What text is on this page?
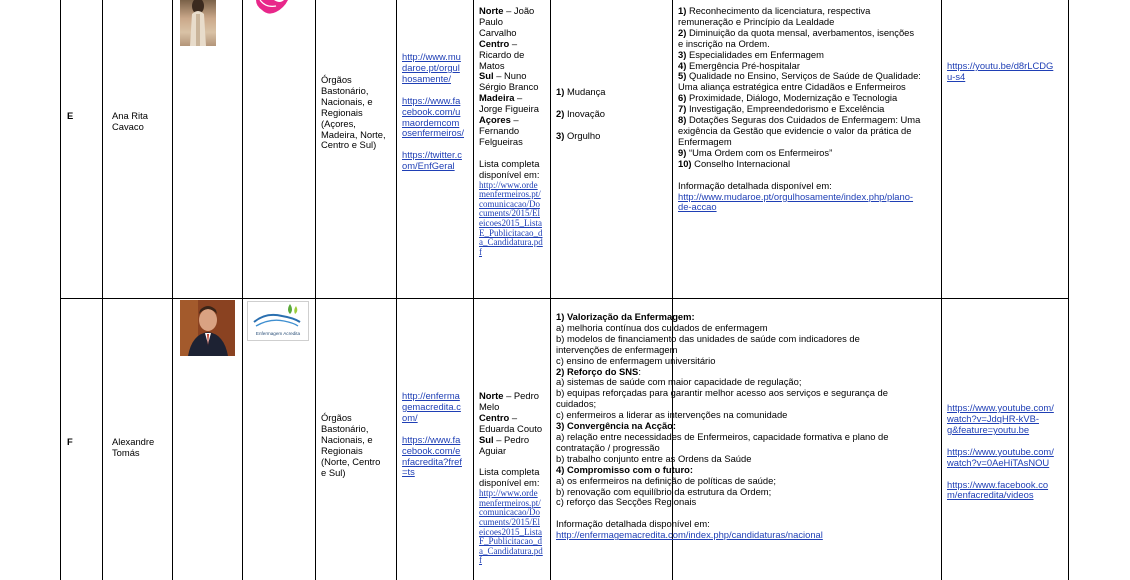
E	Ana Rita
Cavaco
Órgãos
Bastonário,
Nacionais, e
Regionais
(Açores,
Madeira, Norte,
Centro e Sul)
http://www.mu
daroe.pt/orgul
hosamente/
https://www.fa
cebook.com/u
maordemcom
osenfermeiros/
https://twitter.c
om/EnfGeral
Norte – João
Paulo
Carvalho
Centro –
Ricardo de
Matos
Sul – Nuno
Sérgio Branco
Madeira –
Jorge Figueira
Açores –
Fernando
Felgueiras
Lista completa
disponível em:
http://www.orde
menfermeiros.pt/
comunicacao/Do
cuments/2015/El
eicoes2015_Lista
E_Publicitacao_d
a_Candidatura.pd
f
1) Mudança
2) Inovação
3) Orgulho
1) Reconhecimento da licenciatura, respectiva
remuneração e Princípio da Lealdade
2) Diminuição da quota mensal, averbamentos, isenções
e inscrição na Ordem.
3) Especialidades em Enfermagem
4) Emergência Pré-hospitalar
5) Qualidade no Ensino, Serviços de Saúde de Qualidade:
Uma aliança estratégica entre Cidadãos e Enfermeiros
6) Proximidade, Diálogo, Modernização e Tecnologia
7) Investigação, Empreendedorismo e Excelência
8) Dotações Seguras dos Cuidados de Enfermagem: Uma
exigência da Gestão que evidencie o valor da prática de
Enfermagem
9) “Uma Ordem com os Enfermeiros”
10) Conselho Internacional
Informação detalhada disponível em:
http://www.mudaroe.pt/orgulhosamente/index.php/plano-
de-accao
https://youtu.be/d8rLCDG
u-s4
F	Alexandre
Tomás
Enfermagem Acredita
Órgãos
Bastonário,
Nacionais, e
Regionais
(Norte, Centro
e Sul)
http://enferma
gemacredita.c
om/
https://www.fa
cebook.com/e
nfacredita?fref
=ts
Norte – Pedro
Melo
Centro –
Eduarda Couto
Sul – Pedro
Aguiar
Lista completa
disponível em:
http://www.orde
menfermeiros.pt/
comunicacao/Do
cuments/2015/El
eicoes2015_Lista
F_Publicitacao_d
a_Candidatura.pd
f
1) Valorização da Enfermagem:
a) melhoria contínua dos cuidados de enfermagem
b) modelos de financiamento das unidades de saúde com indicadores de
intervenções de enfermagem
c) ensino de enfermagem universitário
2) Reforço do SNS:
a) sistemas de saúde com maior capacidade de regulação;
b) equipas reforçadas para garantir melhor acesso aos serviços e segurança de
cuidados;
c) enfermeiros a liderar as intervenções na comunidade
3) Convergência na Acção:
a) relação entre necessidades de Enfermeiros, capacidade formativa e plano de
contratação / progressão
b) trabalho conjunto entre as Ordens da Saúde
4) Compromisso com o futuro:
a) os enfermeiros na definição de políticas de saúde;
b) renovação com equilíbrio da estrutura da Ordem;
c) reforço das Secções Regionais
Informação detalhada disponível em:
http://enfermagemacredita.com/index.php/candidaturas/nacional
https://www.youtube.com/
watch?v=JdqHR-kVB-
g&feature=youtu.be
https://www.youtube.com/
watch?v=0AeHiTAsNOU
https://www.facebook.co
m/enfacredita/videos
